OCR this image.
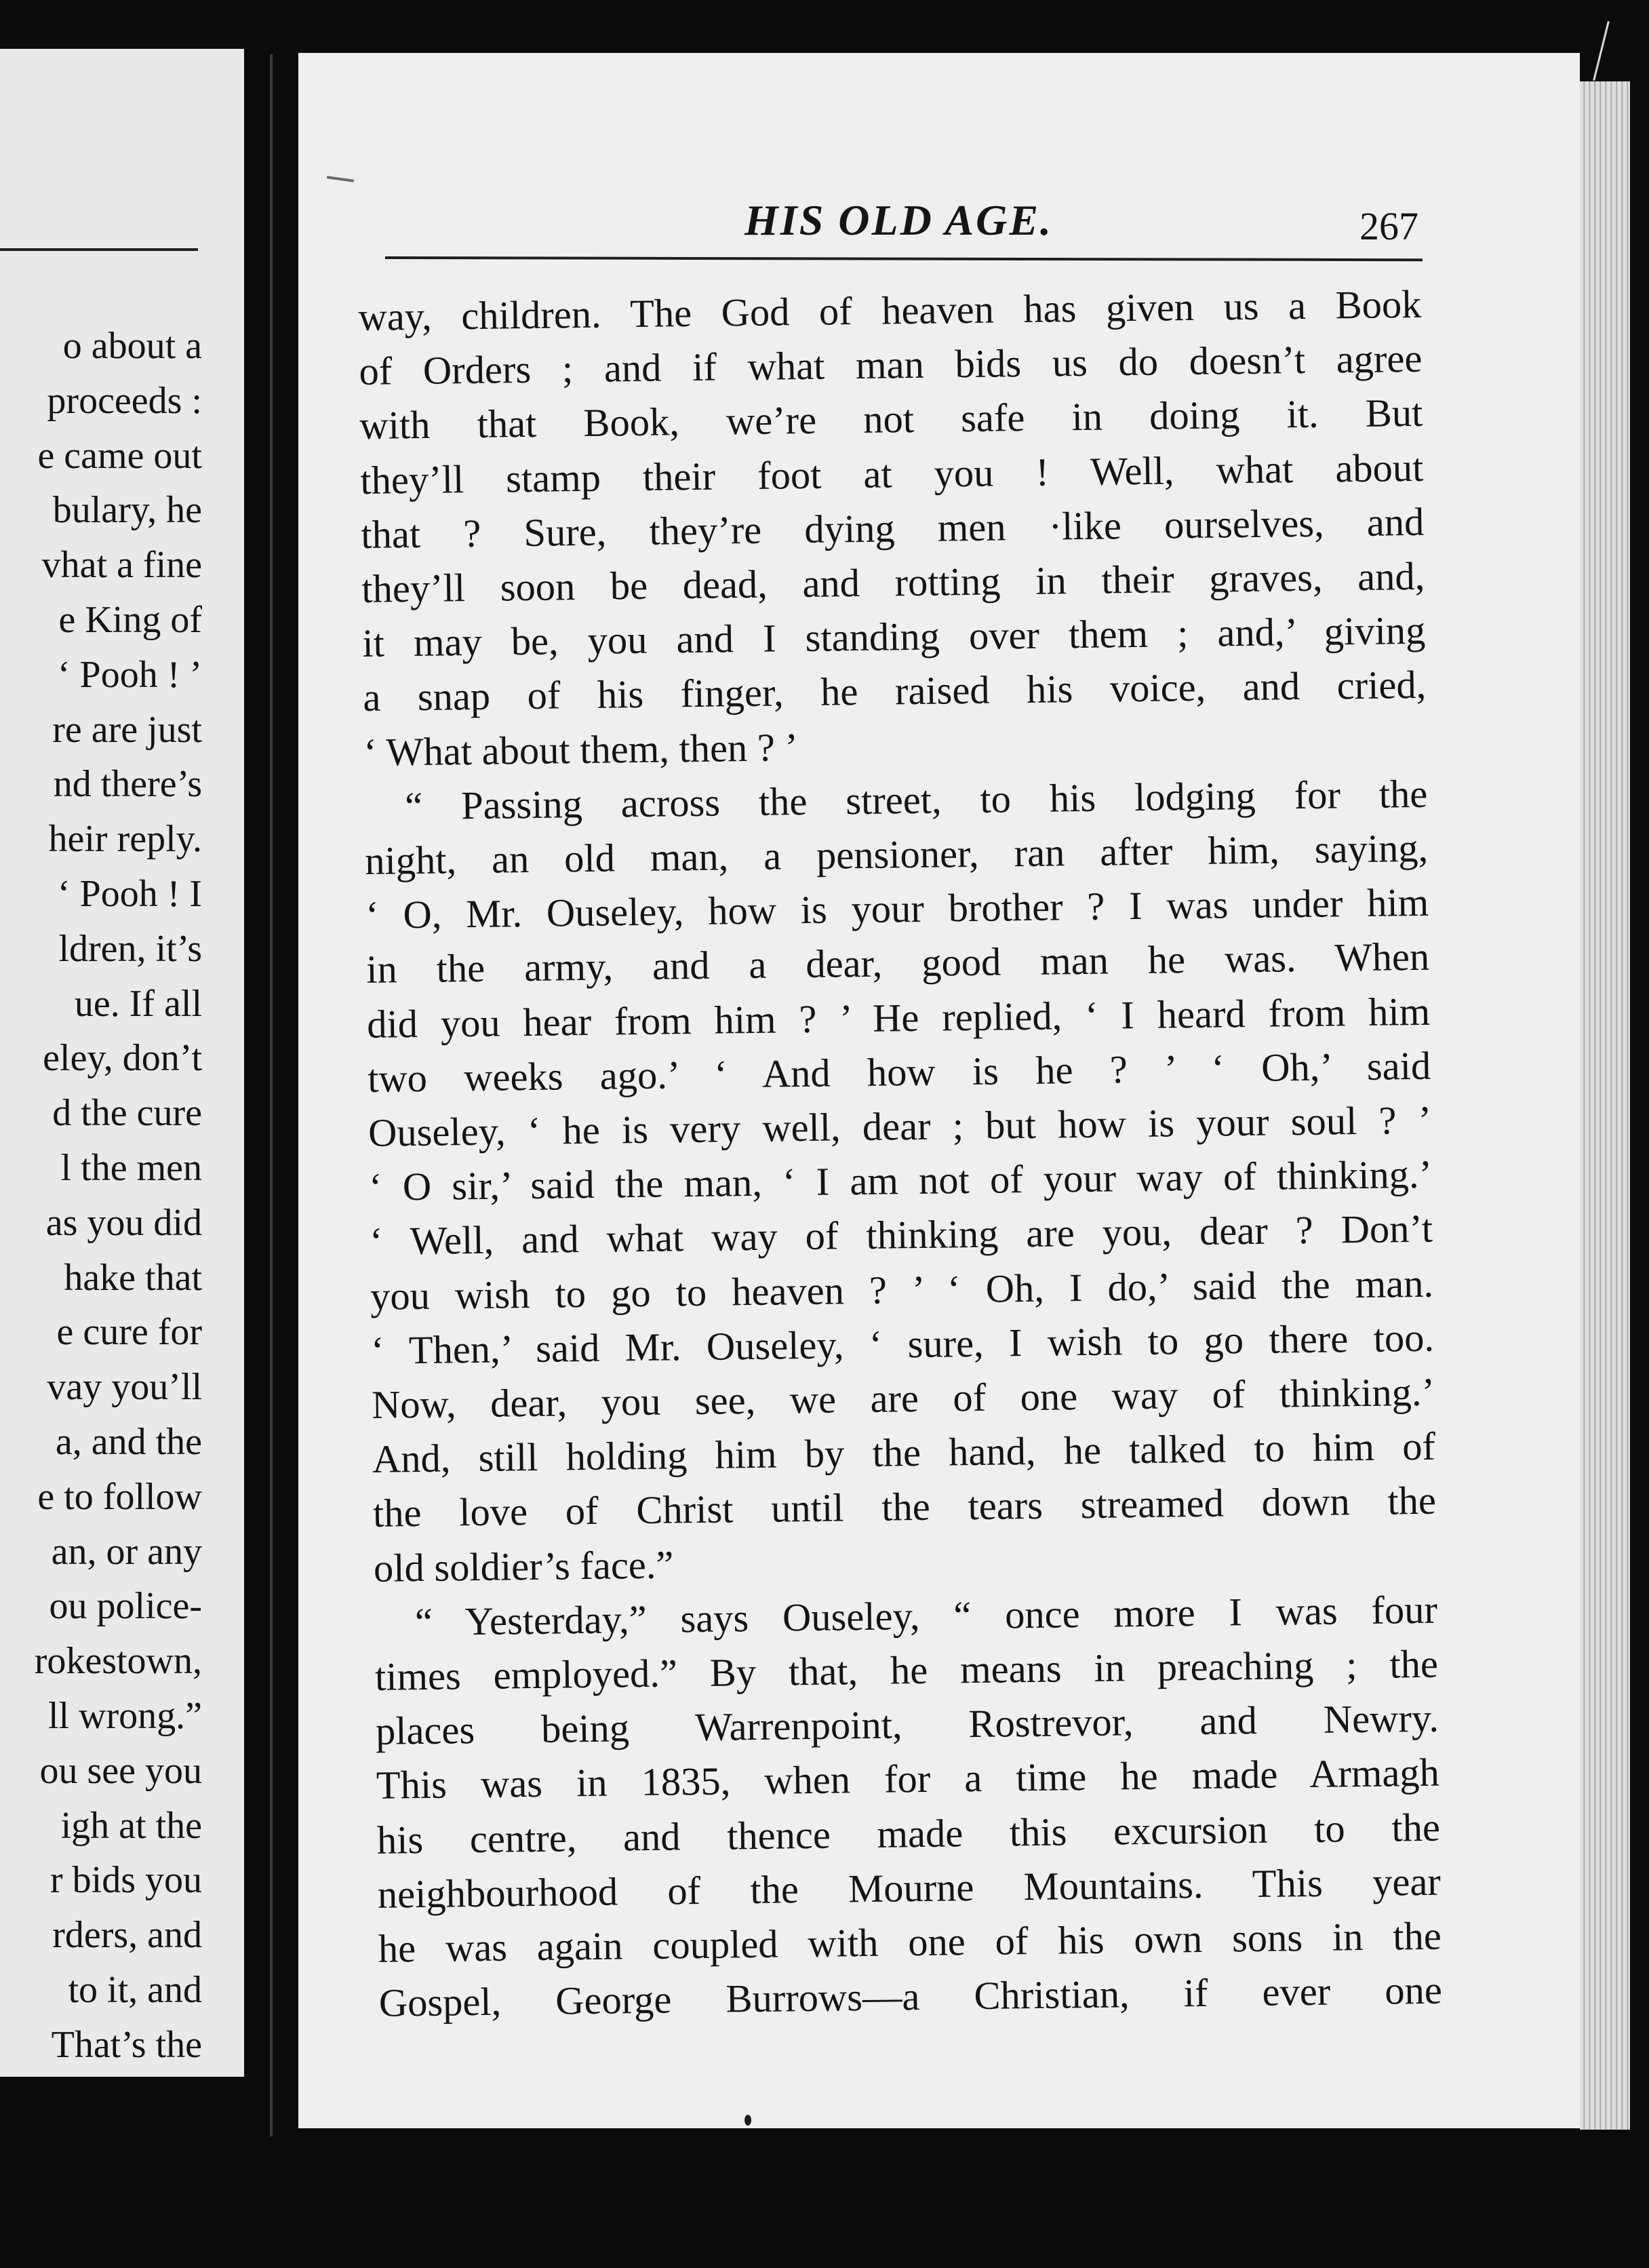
o about a
proceeds :
e came out
bulary, he
vhat a fine
e King of
‘ Pooh ! ’
re are just
nd there’s
heir reply.
‘ Pooh ! I
ldren, it’s
ue. If all
eley, don’t
d the cure
l the men
as you did
hake that
e cure for
vay you’ll
a, and the
e to follow
an, or any
ou police-
rokestown,
ll wrong.”
ou see you
igh at the
r bids you
rders, and
to it, and
That’s the
HIS OLD AGE.	267
way, children. The God of heaven has given us a Book
of Orders ; and if what man bids us do doesn’t agree
with that Book, we’re not safe in doing it. But
they’ll stamp their foot at you ! Well, what about
that ? Sure, they’re dying men ·like ourselves, and
they’ll soon be dead, and rotting in their graves, and,
it may be, you and I standing over them ; and,’ giving
a snap of his finger, he raised his voice, and cried,
‘ What about them, then ? ’
“ Passing across the street, to his lodging for the
night, an old man, a pensioner, ran after him, saying,
‘ O, Mr. Ouseley, how is your brother ? I was under him
in the army, and a dear, good man he was. When
did you hear from him ? ’ He replied, ‘ I heard from him
two weeks ago.’ ‘ And how is he ? ’ ‘ Oh,’ said
Ouseley, ‘ he is very well, dear ; but how is your soul ? ’
‘ O sir,’ said the man, ‘ I am not of your way of thinking.’
‘ Well, and what way of thinking are you, dear ? Don’t
you wish to go to heaven ? ’ ‘ Oh, I do,’ said the man.
‘ Then,’ said Mr. Ouseley, ‘ sure, I wish to go there too.
Now, dear, you see, we are of one way of thinking.’
And, still holding him by the hand, he talked to him of
the love of Christ until the tears streamed down the
old soldier’s face.”
“ Yesterday,” says Ouseley, “ once more I was four
times employed.” By that, he means in preaching ; the
places being Warrenpoint, Rostrevor, and Newry.
This was in 1835, when for a time he made Armagh
his centre, and thence made this excursion to the
neighbourhood of the Mourne Mountains. This year
he was again coupled with one of his own sons in the
Gospel, George Burrows—a Christian, if ever one
